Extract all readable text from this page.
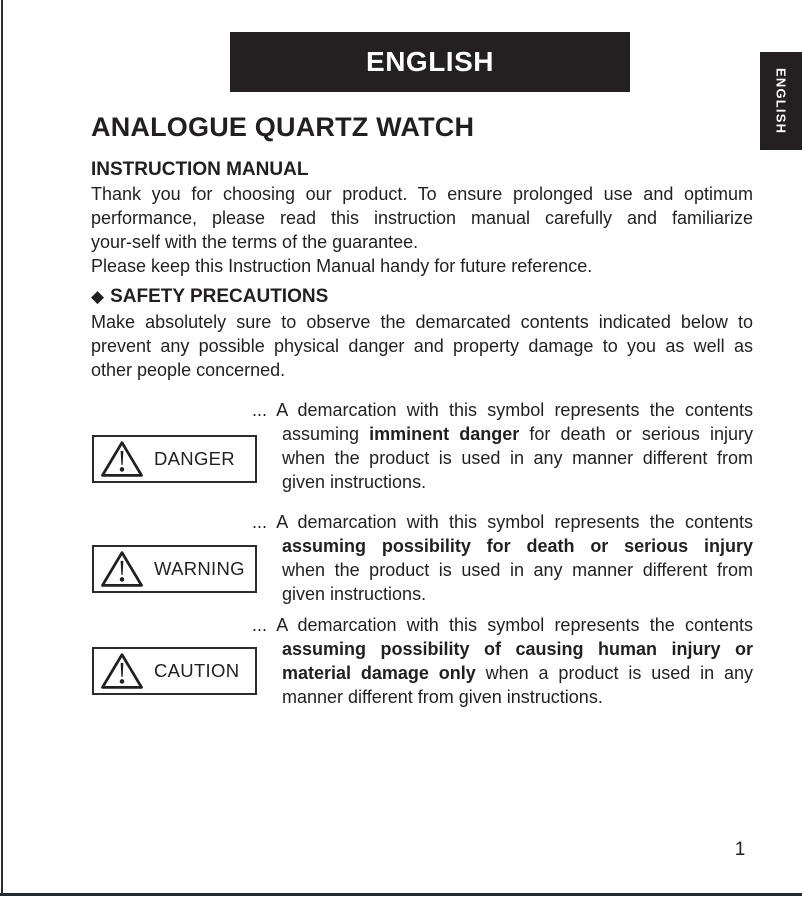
ENGLISH
ENGLISH
ANALOGUE QUARTZ WATCH
INSTRUCTION MANUAL
Thank you for choosing our product. To ensure prolonged use and optimum
performance, please read this instruction manual carefully and familiarize
your-self with the terms of the guarantee.
Please keep this Instruction Manual handy for future reference.
◆ SAFETY PRECAUTIONS
Make absolutely sure to observe the demarcated contents indicated below to
prevent any possible physical danger and property damage to you as well as
other people concerned.
DANGER
... A demarcation with this symbol represents the contents
assuming imminent danger for death or serious injury
when the product is used in any manner different from
given instructions.
WARNING
... A demarcation with this symbol represents the contents
assuming possibility for death or serious injury
when the product is used in any manner different from
given instructions.
CAUTION
... A demarcation with this symbol represents the contents
assuming possibility of causing human injury or
material damage only when a product is used in any
manner different from given instructions.
1
